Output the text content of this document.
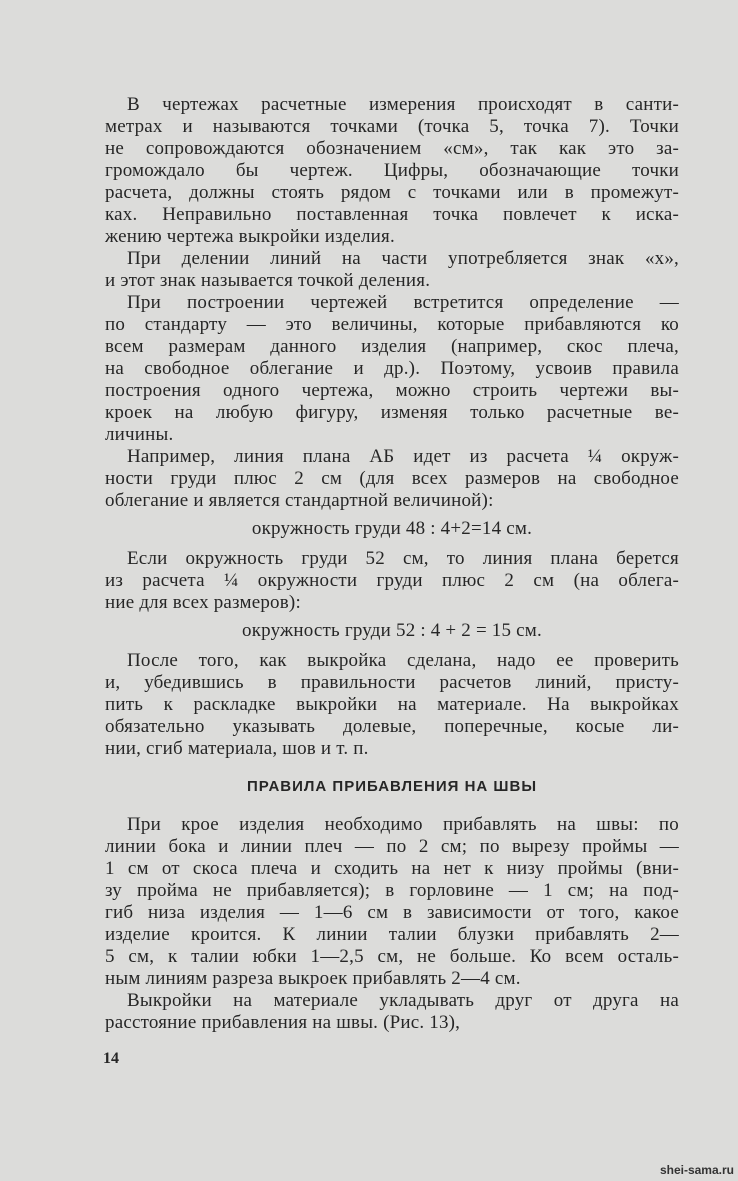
В чертежах расчетные измерения происходят в санти-
метрах и называются точками (точка 5, точка 7). Точки
не сопровождаются обозначением «см», так как это за-
громождало бы чертеж. Цифры, обозначающие точки
расчета, должны стоять рядом с точками или в промежут-
ках. Неправильно поставленная точка повлечет к иска-
жению чертежа выкройки изделия.
При делении линий на части употребляется знак «х»,
и этот знак называется точкой деления.
При построении чертежей встретится определение —
по стандарту — это величины, которые прибавляются ко
всем размерам данного изделия (например, скос плеча,
на свободное облегание и др.). Поэтому, усвоив правила
построения одного чертежа, можно строить чертежи вы-
кроек на любую фигуру, изменяя только расчетные ве-
личины.
Например, линия плана АБ идет из расчета ¼ окруж-
ности груди плюс 2 см (для всех размеров на свободное
облегание и является стандартной величиной):
окружность груди 48 : 4+2=14 см.
Если окружность груди 52 см, то линия плана берется
из расчета ¼ окружности груди плюс 2 см (на облега-
ние для всех размеров):
окружность груди 52 : 4 + 2 = 15 см.
После того, как выкройка сделана, надо ее проверить
и, убедившись в правильности расчетов линий, присту-
пить к раскладке выкройки на материале. На выкройках
обязательно указывать долевые, поперечные, косые ли-
нии, сгиб материала, шов и т. п.
ПРАВИЛА ПРИБАВЛЕНИЯ НА ШВЫ
При крое изделия необходимо прибавлять на швы: по
линии бока и линии плеч — по 2 см; по вырезу проймы —
1 см от скоса плеча и сходить на нет к низу проймы (вни-
зу пройма не прибавляется); в горловине — 1 см; на под-
гиб низа изделия — 1—6 см в зависимости от того, какое
изделие кроится. К линии талии блузки прибавлять 2—
5 см, к талии юбки 1—2,5 см, не больше. Ко всем осталь-
ным линиям разреза выкроек прибавлять 2—4 см.
Выкройки на материале укладывать друг от друга на
расстояние прибавления на швы. (Рис. 13),
14
shei-sama.ru
